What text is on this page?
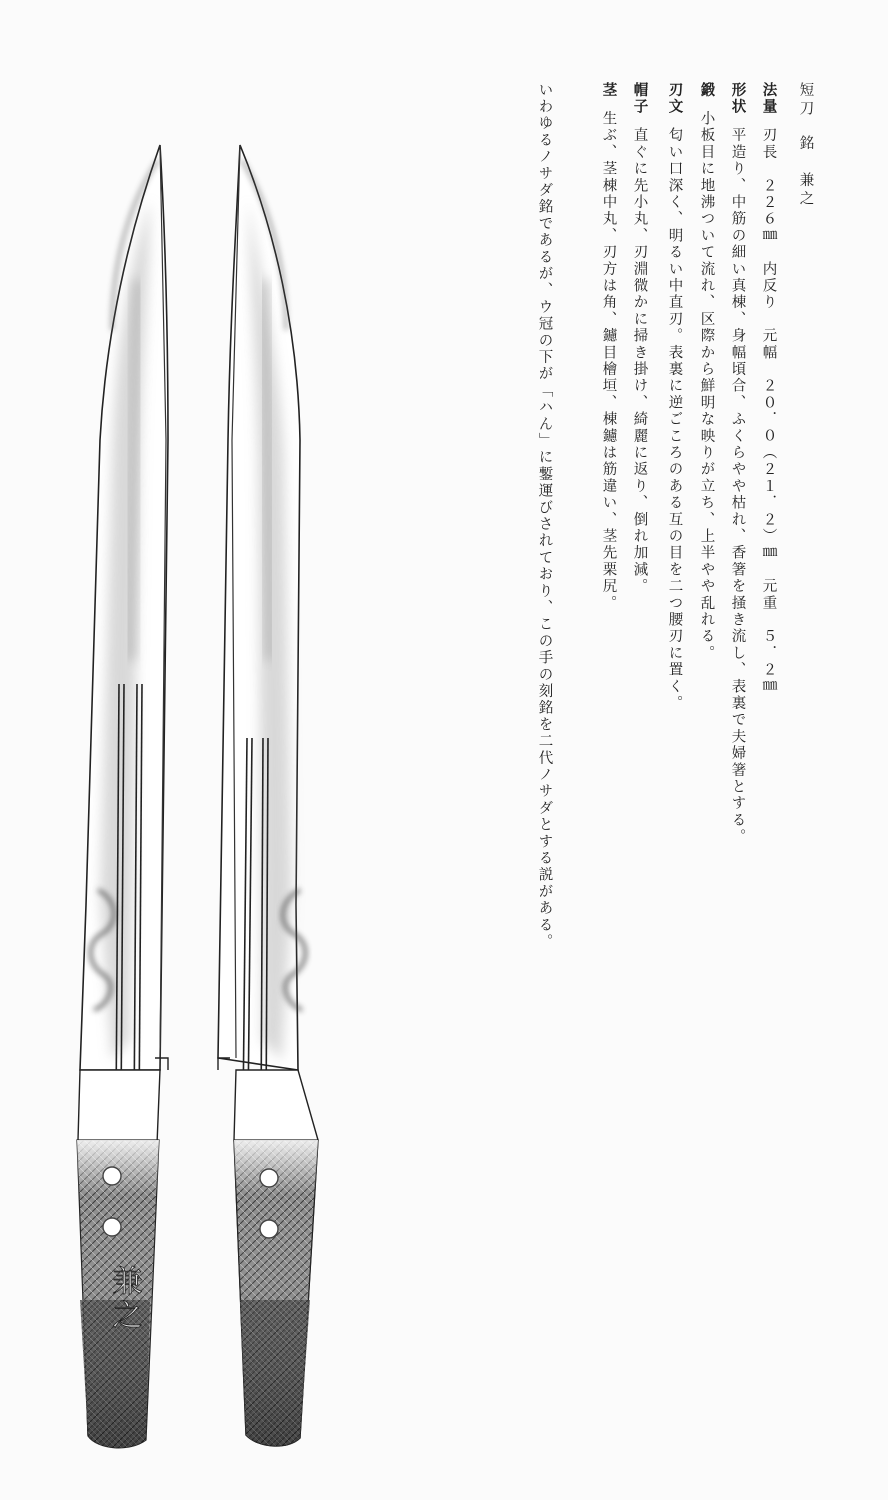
兼之
短刀銘兼之
法量刃長　２２６㎜　内反り　元幅　２０．０（２１．２）㎜　元重　５．２㎜
形状平造り、中筋の細い真棟、身幅頃合、ふくらやや枯れ、香箸を掻き流し、表裏で夫婦箸とする。
鍛小板目に地沸ついて流れ、区際から鮮明な映りが立ち、上半やや乱れる。
刃文匂い口深く、明るい中直刃。表裏に逆ごころのある互の目を二つ腰刃に置く。
帽子直ぐに先小丸、刃淵微かに掃き掛け、綺麗に返り、倒れ加減。
茎生ぶ、茎棟中丸、刃方は角、鑢目檜垣、棟鑢は筋違い、茎先栗尻。
いわゆるノサダ銘であるが、ウ冠の下が「ハん」に鏨運びされており、この手の刻銘を二代ノサダとする説がある。
